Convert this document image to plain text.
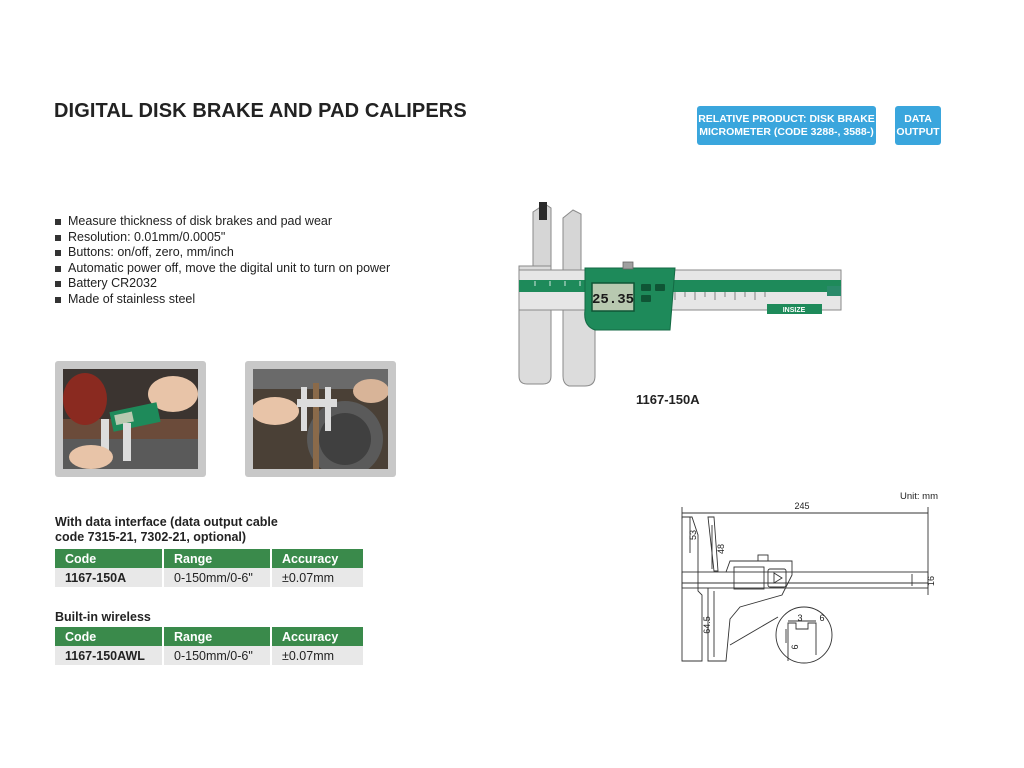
DIGITAL DISK BRAKE AND PAD CALIPERS	RELATIVE PRODUCT: DISK BRAKE
MICROMETER (CODE 3288-, 3588-)
DATA
OUTPUT
Measure thickness of disk brakes and pad wear
Resolution: 0.01mm/0.0005"
Buttons: on/off, zero, mm/inch
Automatic power off, move the digital unit to turn on power
Battery CR2032
Made of stainless steel
INSIZE
25.35
1167-150A
With data interface (data output cable
code 7315-21, 7302-21, optional)
Code	Range	Accuracy
1167-150A	0-150mm/0-6"	±0.07mm
Built-in wireless
Code	Range	Accuracy
1167-150AWL	0-150mm/0-6"	±0.07mm
Unit: mm
245
53
48
16
64.5	3 6
6
